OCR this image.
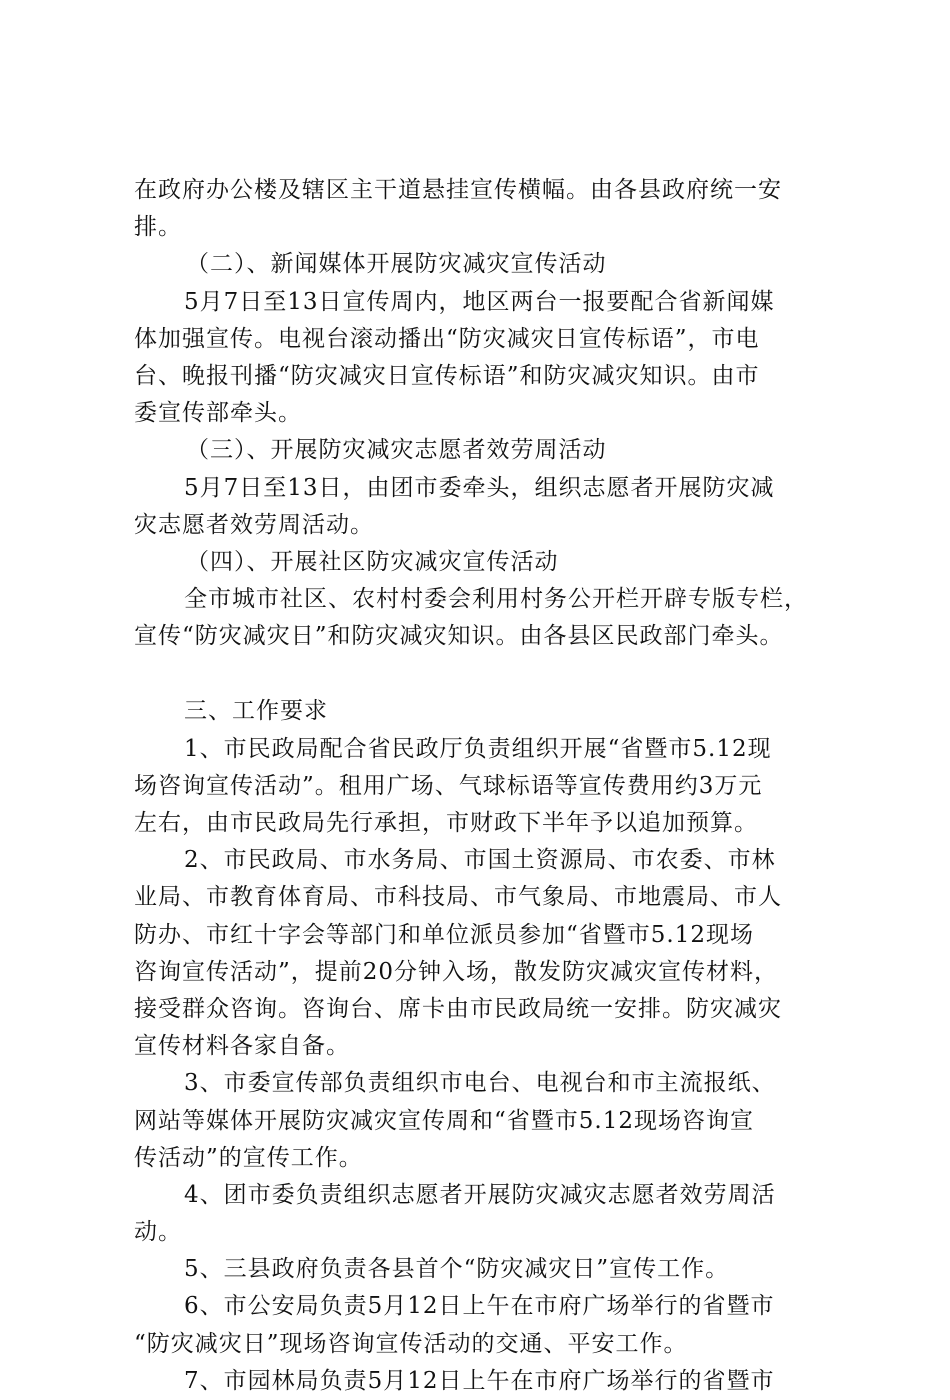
在政府办公楼及辖区主干道悬挂宣传横幅。由各县政府统一安
排。
（二）、新闻媒体开展防灾减灾宣传活动
5月7日至13日宣传周内，地区两台一报要配合省新闻媒
体加强宣传。电视台滚动播出“防灾减灾日宣传标语”，市电
台、晚报刊播“防灾减灾日宣传标语”和防灾减灾知识。由市
委宣传部牵头。
（三）、开展防灾减灾志愿者效劳周活动
5月7日至13日，由团市委牵头，组织志愿者开展防灾减
灾志愿者效劳周活动。
（四）、开展社区防灾减灾宣传活动
全市城市社区、农村村委会利用村务公开栏开辟专版专栏，
宣传“防灾减灾日”和防灾减灾知识。由各县区民政部门牵头。
三、工作要求
1、市民政局配合省民政厅负责组织开展“省暨市5.12现
场咨询宣传活动”。租用广场、气球标语等宣传费用约3万元
左右，由市民政局先行承担，市财政下半年予以追加预算。
2、市民政局、市水务局、市国土资源局、市农委、市林
业局、市教育体育局、市科技局、市气象局、市地震局、市人
防办、市红十字会等部门和单位派员参加“省暨市5.12现场
咨询宣传活动”，提前20分钟入场，散发防灾减灾宣传材料，
接受群众咨询。咨询台、席卡由市民政局统一安排。防灾减灾
宣传材料各家自备。
3、市委宣传部负责组织市电台、电视台和市主流报纸、
网站等媒体开展防灾减灾宣传周和“省暨市5.12现场咨询宣
传活动”的宣传工作。
4、团市委负责组织志愿者开展防灾减灾志愿者效劳周活
动。
5、三县政府负责各县首个“防灾减灾日”宣传工作。
6、市公安局负责5月12日上午在市府广场举行的省暨市
“防灾减灾日”现场咨询宣传活动的交通、平安工作。
7、市园林局负责5月12日上午在市府广场举行的省暨市
